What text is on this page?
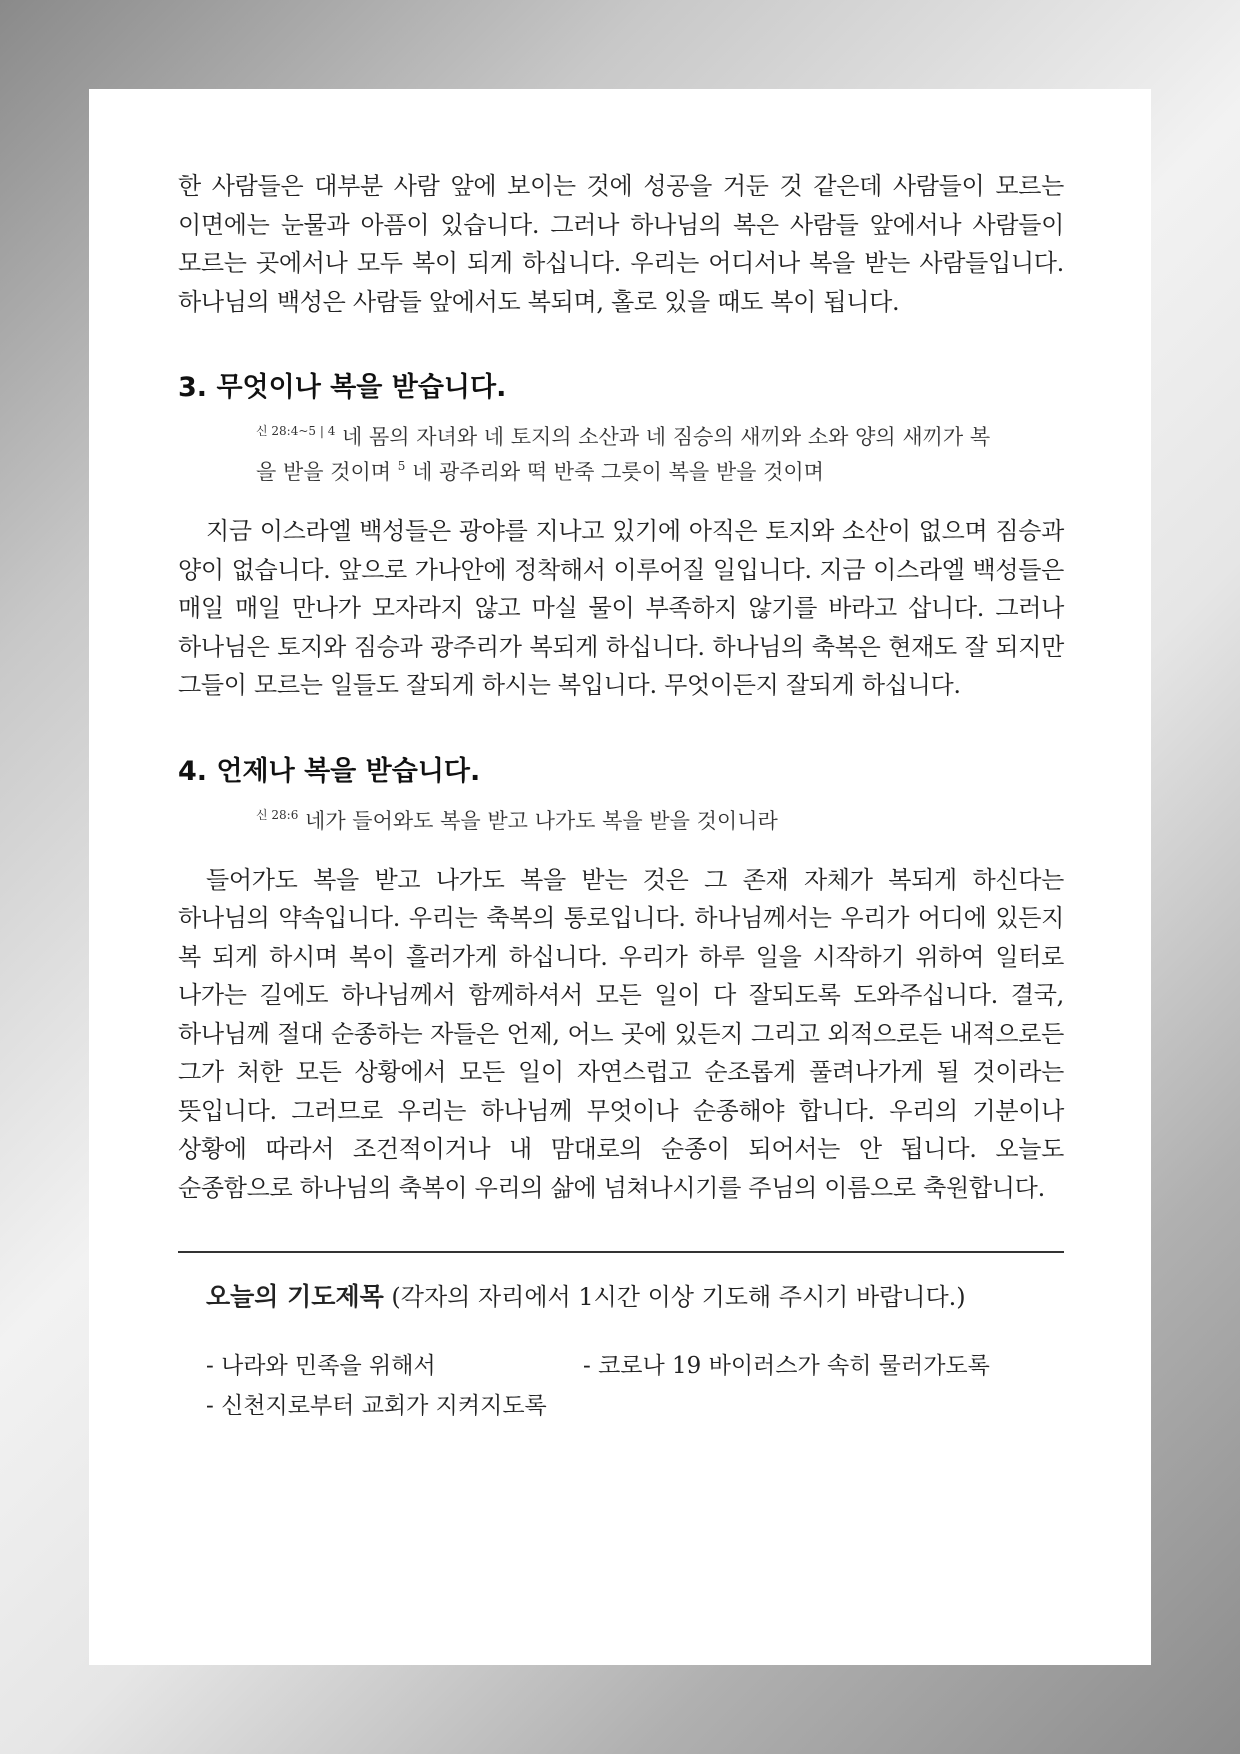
한 사람들은 대부분 사람 앞에 보이는 것에 성공을 거둔 것 같은데 사람들이 모르는 이면에는 눈물과 아픔이 있습니다. 그러나 하나님의 복은 사람들 앞에서나 사람들이 모르는 곳에서나 모두 복이 되게 하십니다. 우리는 어디서나 복을 받는 사람들입니다. 하나님의 백성은 사람들 앞에서도 복되며, 홀로 있을 때도 복이 됩니다.

3. 무엇이나 복을 받습니다.

$^{신 28:4\sim 5}$ | $^4$ 네 몸의 자녀와 네 토지의 소산과 네 짐승의 새끼와 소와 양의 새끼가 복을 받을 것이며 $^5$ 네 광주리와 떡 반죽 그릇이 복을 받을 것이며

지금 이스라엘 백성들은 광야를 지나고 있기에 아직은 토지와 소산이 없으며 짐승과 양이 없습니다. 앞으로 가나안에 정착해서 이루어질 일입니다. 지금 이스라엘 백성들은 매일 매일 만나가 모자라지 않고 마실 물이 부족하지 않기를 바라고 삽니다. 그러나 하나님은 토지와 짐승과 광주리가 복되게 하십니다. 하나님의 축복은 현재도 잘 되지만 그들이 모르는 일들도 잘되게 하시는 복입니다. 무엇이든지 잘되게 하십니다.

4. 언제나 복을 받습니다.

$^{신 28:6}$ 네가 들어와도 복을 받고 나가도 복을 받을 것이니라

들어가도 복을 받고 나가도 복을 받는 것은 그 존재 자체가 복되게 하신다는 하나님의 약속입니다. 우리는 축복의 통로입니다. 하나님께서는 우리가 어디에 있든지 복 되게 하시며 복이 흘러가게 하십니다. 우리가 하루 일을 시작하기 위하여 일터로 나가는 길에도 하나님께서 함께하셔서 모든 일이 다 잘되도록 도와주십니다. 결국, 하나님께 절대 순종하는 자들은 언제, 어느 곳에 있든지 그리고 외적으로든 내적으로든 그가 처한 모든 상황에서 모든 일이 자연스럽고 순조롭게 풀려나가게 될 것이라는 뜻입니다. 그러므로 우리는 하나님께 무엇이나 순종해야 합니다. 우리의 기분이나 상황에 따라서 조건적이거나 내 맘대로의 순종이 되어서는 안 됩니다. 오늘도 순종함으로 하나님의 축복이 우리의 삶에 넘쳐나시기를 주님의 이름으로 축원합니다.

오늘의 기도제목 (각자의 자리에서 1시간 이상 기도해 주시기 바랍니다.)

- 나라와 민족을 위해서	- 코로나 19 바이러스가 속히 물러가도록
- 신천지로부터 교회가 지켜지도록
